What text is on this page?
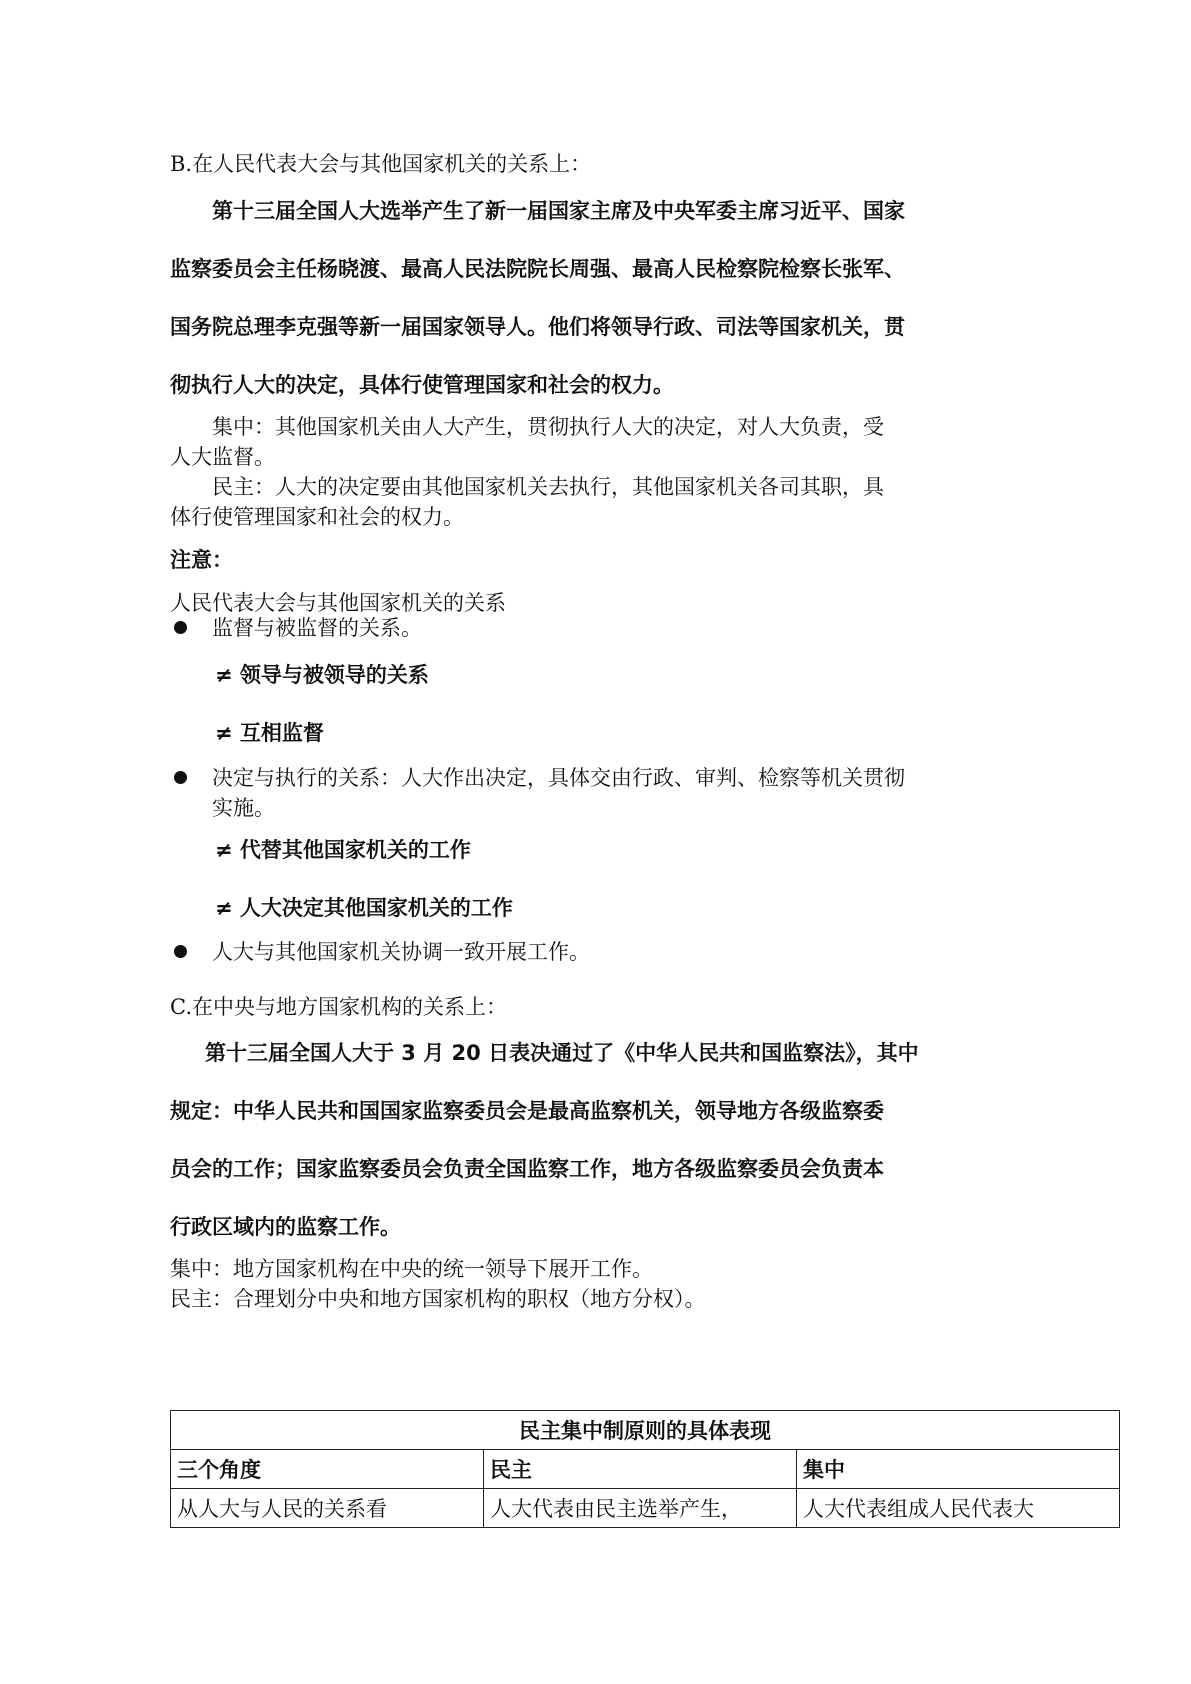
B.在人民代表大会与其他国家机关的关系上：
第十三届全国人大选举产生了新一届国家主席及中央军委主席习近平、国家
监察委员会主任杨晓渡、最高人民法院院长周强、最高人民检察院检察长张军、
国务院总理李克强等新一届国家领导人。他们将领导行政、司法等国家机关，贯
彻执行人大的决定，具体行使管理国家和社会的权力。
集中：其他国家机关由人大产生，贯彻执行人大的决定，对人大负责，受
人大监督。
民主：人大的决定要由其他国家机关去执行，其他国家机关各司其职，具
体行使管理国家和社会的权力。
注意：
人民代表大会与其他国家机关的关系
监督与被监督的关系。
≠ 领导与被领导的关系
≠ 互相监督
决定与执行的关系：人大作出决定，具体交由行政、审判、检察等机关贯彻
实施。
≠ 代替其他国家机关的工作
≠ 人大决定其他国家机关的工作
人大与其他国家机关协调一致开展工作。
C.在中央与地方国家机构的关系上：
第十三届全国人大于 3 月 20 日表决通过了《中华人民共和国监察法》，其中
规定：中华人民共和国国家监察委员会是最高监察机关，领导地方各级监察委
员会的工作；国家监察委员会负责全国监察工作，地方各级监察委员会负责本
行政区域内的监察工作。
集中：地方国家机构在中央的统一领导下展开工作。
民主：合理划分中央和地方国家机构的职权（地方分权）。
民主集中制原则的具体表现		
三个角度	民主	集中
从人大与人民的关系看	人大代表由民主选举产生，	人大代表组成人民代表大
